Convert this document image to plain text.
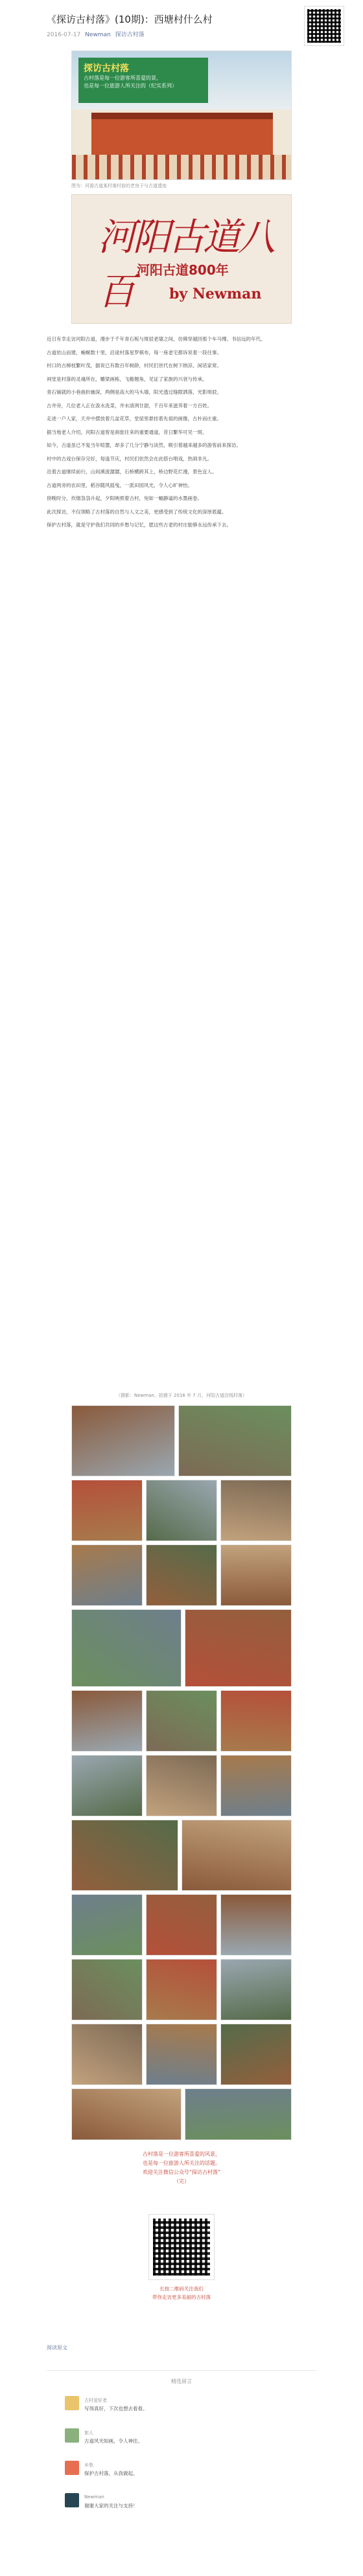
《探访古村落》(10期)：西塘村什么村
2016-07-17 Newman 探访古村落
探访古村落
古村落是每一位游客所喜爱的景，
也是每一位旅游人所关注的（纪实系列）
图为：河源古道某村落村前的老房子与古道遗迹
河阳古道八百 河阳古道800年
by Newman

近日有幸走访河阳古道，漫步于千年青石板与斑驳老墙之间，仿佛穿越回那个车马慢、书信远的年代。

古道依山而建，蜿蜒数十里，沿途村落星罗棋布，每一座老宅都诉说着一段往事。

村口的古樟枝繁叶茂，据说已有数百年树龄，村民们世代在树下纳凉、闲话家常。

祠堂是村落的灵魂所在，雕梁画栋，飞檐翘角，见证了家族的兴衰与传承。

青石铺就的小巷曲折幽深，两侧是高大的马头墙，阳光透过缝隙洒落，光影斑驳。

古井旁，几位老人正在汲水洗菜，井水清冽甘甜，千百年来滋养着一方百姓。

走进一户人家，天井中摆放着几盆花草，堂屋里悬挂着先祖的画像，古朴而庄重。

据当地老人介绍，河阳古道曾是商旅往来的重要通道，昔日繁华可见一斑。

如今，古道虽已不复当年喧嚣，却多了几分宁静与淡然，吸引着越来越多的游客前来探访。

村中的古戏台保存完好，每逢节庆，村民们依然会在此搭台唱戏，热闹非凡。

沿着古道继续前行，山间溪流潺潺，石桥横跨其上，桥边野花烂漫，景色宜人。

古道两旁的农田里，稻谷随风摇曳，一派田园风光，令人心旷神怡。

傍晚时分，炊烟袅袅升起，夕阳映照着古村，宛如一幅静谧的水墨画卷。

此次探访，不仅领略了古村落的自然与人文之美，更感受到了传统文化的深厚底蕴。

保护古村落，就是守护我们共同的乡愁与记忆，愿这些古老的村庄能够永远传承下去。

（摄影：Newman，拍摄于 2016 年 7 月，河阳古道沿线村落）
古村落是一位游客所喜爱的风景，
也是每一位旅游人所关注的话题。
欢迎关注微信公众号“探访古村落”
（完）
长按二维码关注我们
带你走访更多美丽的古村落
阅读原文
精选留言
古村爱好者
写得真好，下次也想去看看。
旅人
古道风光如画，令人神往。
乡愁
保护古村落，从我做起。
Newman
谢谢大家的关注与支持！
